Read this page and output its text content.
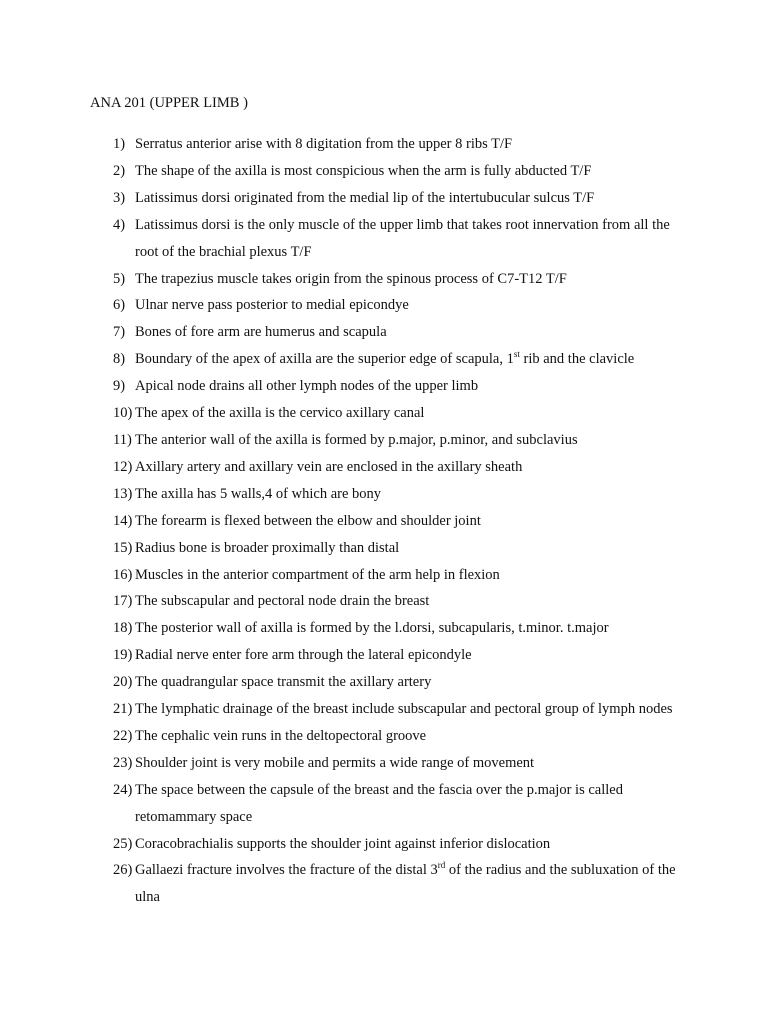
ANA 201 (UPPER LIMB )
1) Serratus anterior arise with 8 digitation from the upper 8 ribs T/F
2) The shape of the axilla is most conspicious when the arm is fully abducted T/F
3) Latissimus dorsi originated from the medial lip of the intertubucular sulcus T/F
4) Latissimus dorsi is the only muscle of the upper limb that takes root innervation from all the root of the brachial plexus T/F
5) The trapezius muscle takes origin from the spinous process of C7-T12 T/F
6) Ulnar nerve pass posterior to medial epicondye
7) Bones of fore arm are humerus and scapula
8) Boundary of the apex of axilla are the superior edge of scapula, 1st rib and the clavicle
9) Apical node drains all other lymph nodes of the upper limb
10) The apex of the axilla is the cervico axillary canal
11) The anterior wall of the axilla is formed by p.major, p.minor, and subclavius
12) Axillary artery and axillary vein are enclosed in the axillary sheath
13) The axilla has 5 walls,4 of which are bony
14) The forearm is flexed between the elbow and shoulder joint
15) Radius bone is broader proximally than distal
16) Muscles in the anterior compartment of the arm help in flexion
17) The subscapular and pectoral node drain the breast
18) The posterior wall of axilla is formed by the l.dorsi, subcapularis, t.minor. t.major
19) Radial nerve enter fore arm through the lateral epicondyle
20) The quadrangular space transmit the axillary artery
21) The lymphatic drainage of the breast include subscapular and pectoral group of lymph nodes
22) The cephalic vein runs in the deltopectoral groove
23) Shoulder joint is very mobile and permits a wide range of movement
24) The space between the capsule of the breast and the fascia over the p.major is called retomammary space
25) Coracobrachialis supports the shoulder joint against inferior dislocation
26) Gallaezi fracture involves the fracture of the distal 3rd of the radius and the subluxation of the ulna
